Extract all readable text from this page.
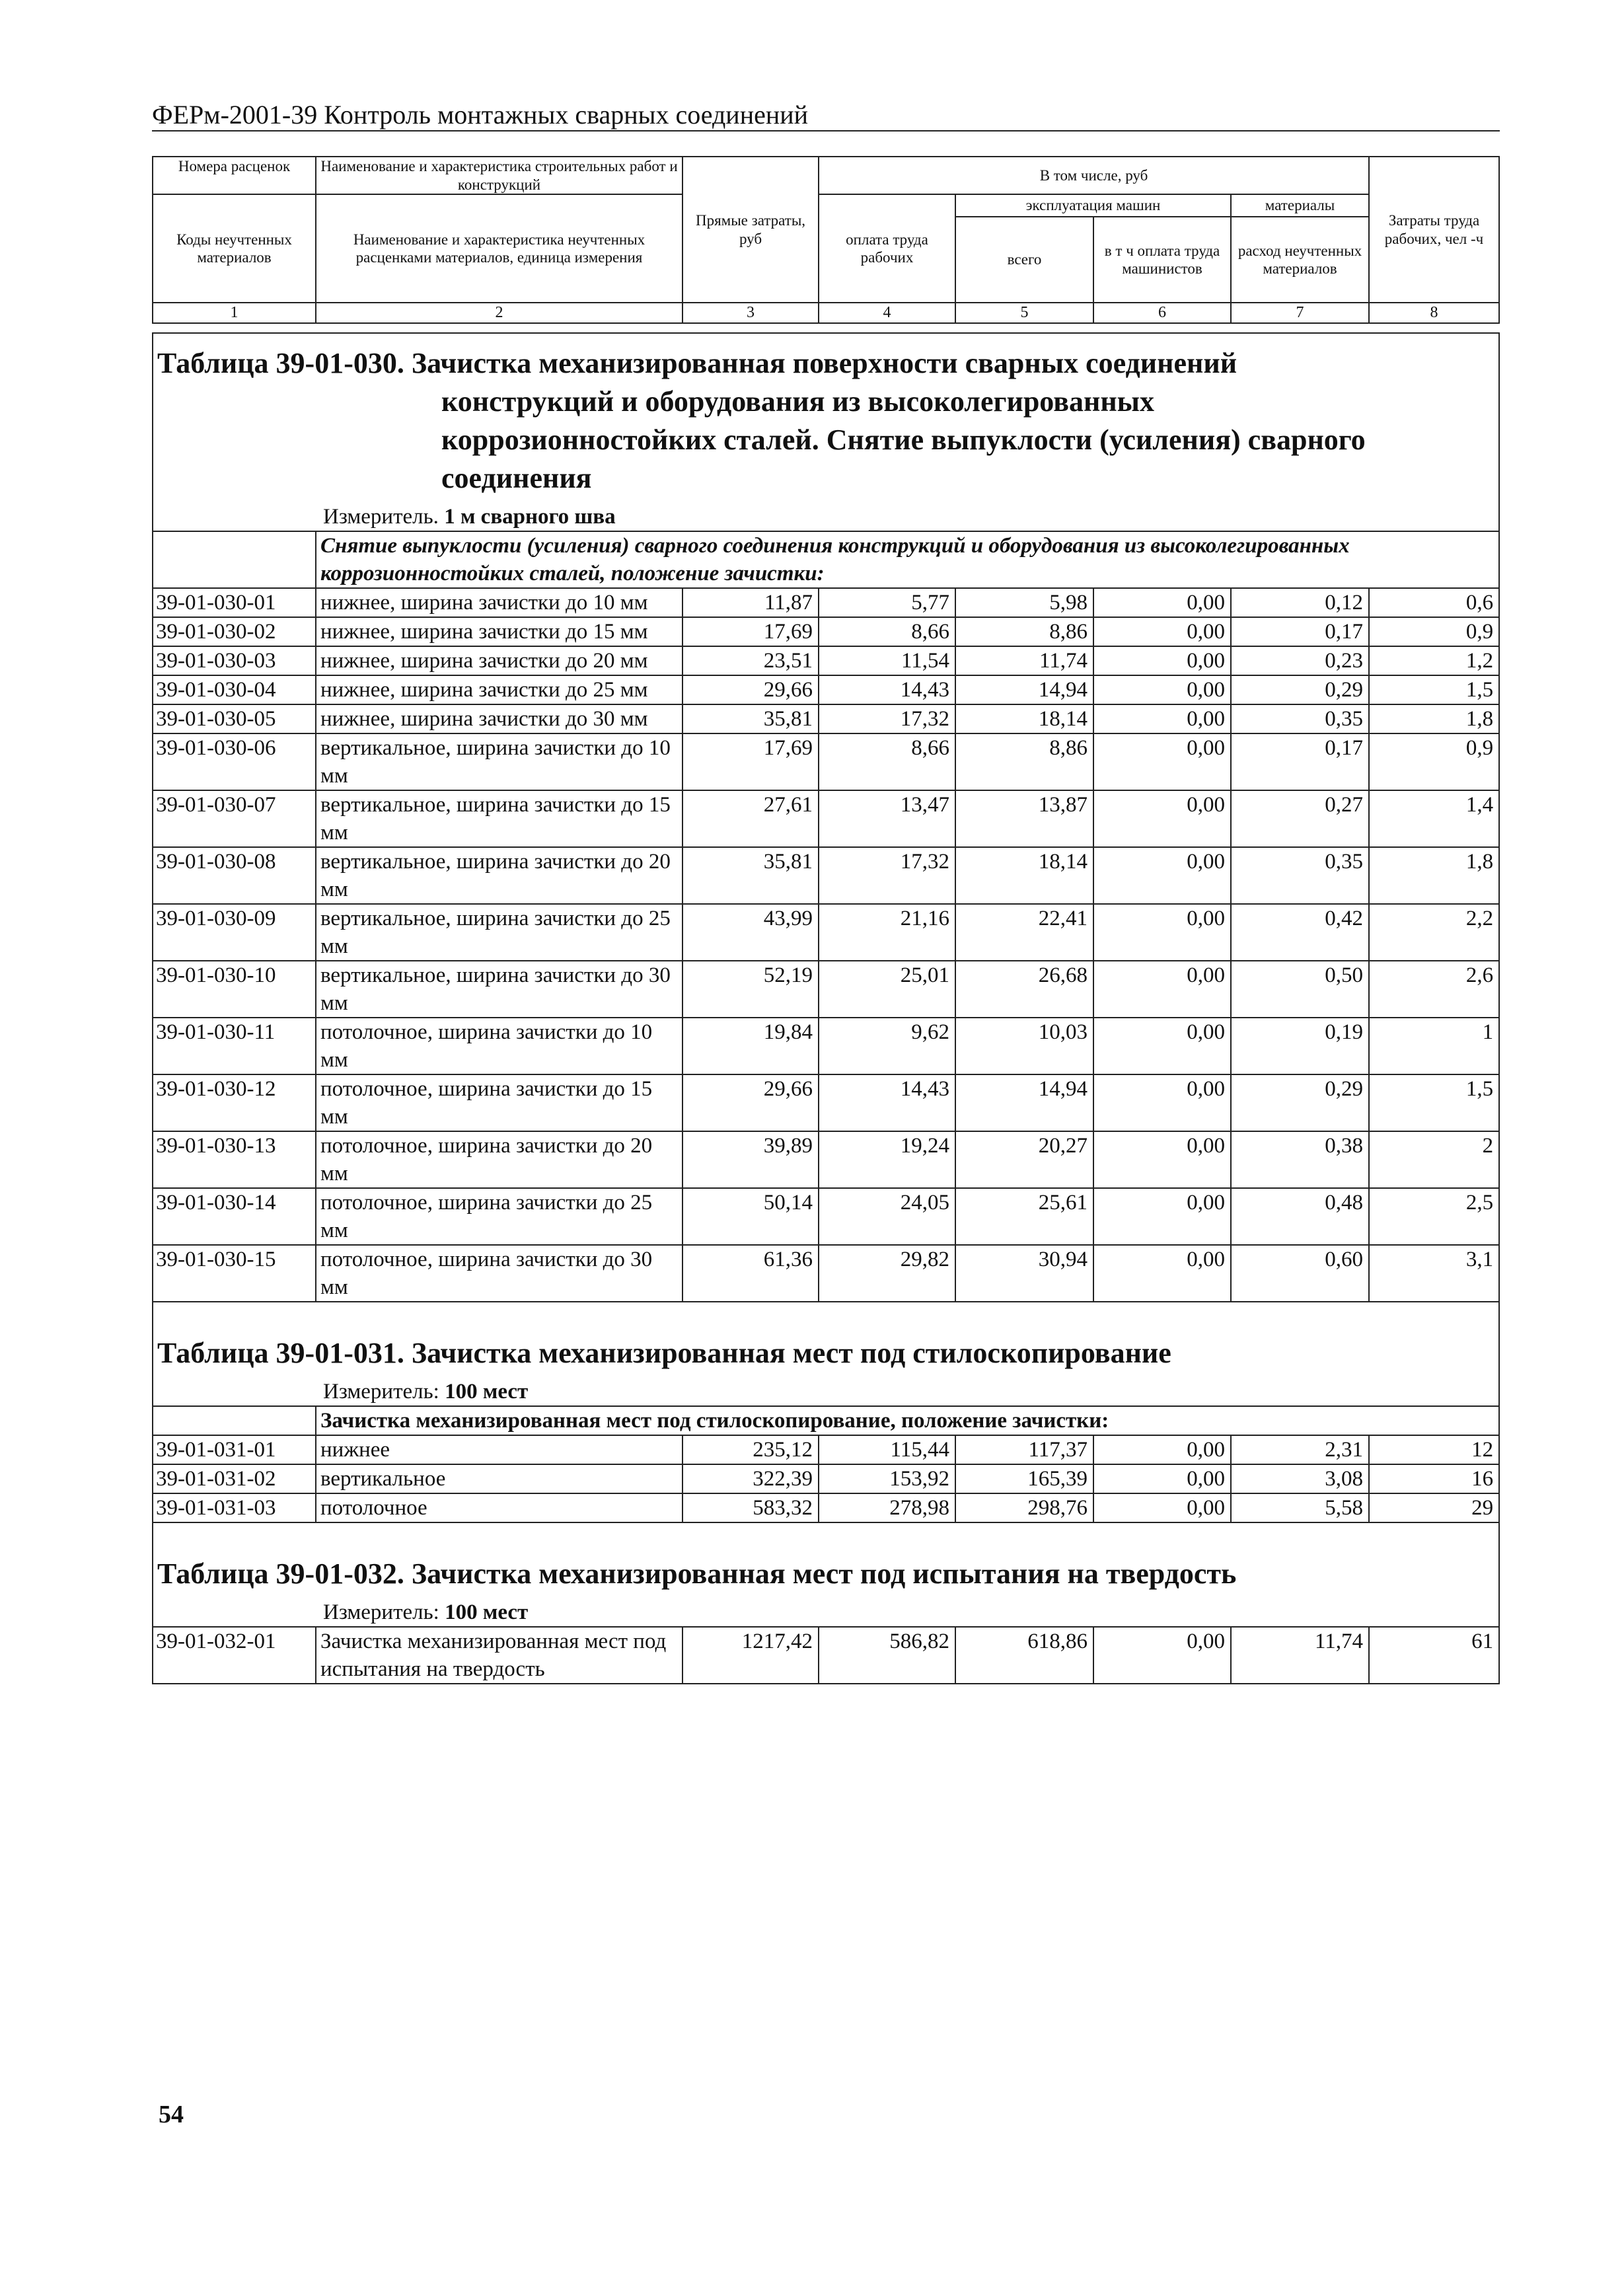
ФЕРм-2001-39 Контроль монтажных сварных соединений
Номера расценок	Наименование и характеристика строительных работ и конструкций	Прямые затраты, руб	В том числе, руб				Затраты труда рабочих, чел -ч
Коды неучтенных материалов	Наименование и характеристика неучтенных расценками материалов, единица измерения		оплата труда рабочих	эксплуатация машин		материалы	
				всего	в т ч оплата труда машинистов	расход неучтенных материалов	
1	2	3	4	5	6	7	8
Таблица 39-01-030. Зачистка механизированная поверхности сварных соединений
конструкций и оборудования из высоколегированных
коррозионностойких сталей. Снятие выпуклости (усиления) сварного
соединения							

Измеритель. 1 м сварного шва							
	Снятие выпуклости (усиления) сварного соединения конструкций и оборудования из высоколегированных коррозионностойких сталей, положение зачистки:						
39-01-030-01	нижнее, ширина зачистки до 10 мм	11,87	5,77	5,98	0,00	0,12	0,6
39-01-030-02	нижнее, ширина зачистки до 15 мм	17,69	8,66	8,86	0,00	0,17	0,9
39-01-030-03	нижнее, ширина зачистки до 20 мм	23,51	11,54	11,74	0,00	0,23	1,2
39-01-030-04	нижнее, ширина зачистки до 25 мм	29,66	14,43	14,94	0,00	0,29	1,5
39-01-030-05	нижнее, ширина зачистки до 30 мм	35,81	17,32	18,14	0,00	0,35	1,8
39-01-030-06	вертикальное, ширина зачистки до 10 мм	17,69	8,66	8,86	0,00	0,17	0,9
39-01-030-07	вертикальное, ширина зачистки до 15 мм	27,61	13,47	13,87	0,00	0,27	1,4
39-01-030-08	вертикальное, ширина зачистки до 20 мм	35,81	17,32	18,14	0,00	0,35	1,8
39-01-030-09	вертикальное, ширина зачистки до 25 мм	43,99	21,16	22,41	0,00	0,42	2,2
39-01-030-10	вертикальное, ширина зачистки до 30 мм	52,19	25,01	26,68	0,00	0,50	2,6
39-01-030-11	потолочное, ширина зачистки до 10 мм	19,84	9,62	10,03	0,00	0,19	1
39-01-030-12	потолочное, ширина зачистки до 15 мм	29,66	14,43	14,94	0,00	0,29	1,5
39-01-030-13	потолочное, ширина зачистки до 20 мм	39,89	19,24	20,27	0,00	0,38	2
39-01-030-14	потолочное, ширина зачистки до 25 мм	50,14	24,05	25,61	0,00	0,48	2,5
39-01-030-15	потолочное, ширина зачистки до 30 мм	61,36	29,82	30,94	0,00	0,60	3,1

Таблица 39-01-031. Зачистка механизированная мест под стилоскопирование							

Измеритель: 100 мест							
	Зачистка механизированная мест под стилоскопирование, положение зачистки:						
39-01-031-01	нижнее	235,12	115,44	117,37	0,00	2,31	12
39-01-031-02	вертикальное	322,39	153,92	165,39	0,00	3,08	16
39-01-031-03	потолочное	583,32	278,98	298,76	0,00	5,58	29

Таблица 39-01-032. Зачистка механизированная мест под испытания на твердость							

Измеритель: 100 мест							
39-01-032-01	Зачистка механизированная мест под испытания на твердость	1217,42	586,82	618,86	0,00	11,74	61
54
